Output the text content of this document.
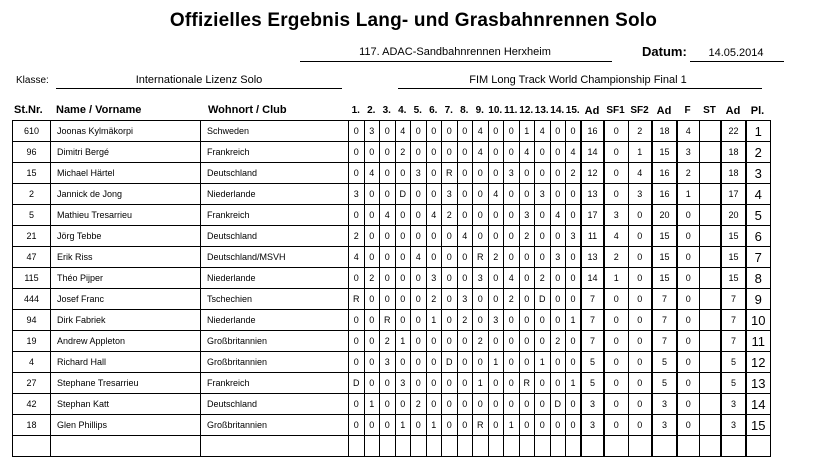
Offizielles Ergebnis Lang- und Grasbahnrennen Solo
117. ADAC-Sandbahnrennen Herxheim	Datum:	14.05.2014
Klasse:	Internationale Lizenz Solo	FIM Long Track World Championship Final 1
St.Nr. Name / Vorname	Wohnort / Club	1. 2. 3. 4. 5. 6. 7. 8. 9. 10. 11. 12. 13. 14. 15. Ad SF1 SF2 Ad	F	ST Ad Pl.
610	Joonas Kylmäkorpi	Schweden	0	3	0	4	0	0	0	0	4	0	0	1	4	0	0	16	0	2	18	4		22	1
96	Dimitri Bergé	Frankreich	0	0	0	2	0	0	0	0	4	0	0	4	0	0	4	14	0	1	15	3		18	2
15	Michael Härtel	Deutschland	0	4	0	0	3	0	R	0	0	0	3	0	0	0	2	12	0	4	16	2		18	3
2	Jannick de Jong	Niederlande	3	0	0	D	0	0	3	0	0	4	0	0	3	0	0	13	0	3	16	1		17	4
5	Mathieu Tresarrieu	Frankreich	0	0	4	0	0	4	2	0	0	0	0	3	0	4	0	17	3	0	20	0		20	5
21	Jörg Tebbe	Deutschland	2	0	0	0	0	0	0	4	0	0	0	2	0	0	3	11	4	0	15	0		15	6
47	Erik Riss	Deutschland/MSVH	4	0	0	0	4	0	0	0	R	2	0	0	0	3	0	13	2	0	15	0		15	7
115	Théo Pijper	Niederlande	0	2	0	0	0	3	0	0	3	0	4	0	2	0	0	14	1	0	15	0		15	8
444	Josef Franc	Tschechien	R	0	0	0	0	2	0	3	0	0	2	0	D	0	0	7	0	0	7	0		7	9
94	Dirk Fabriek	Niederlande	0	0	R	0	0	1	0	2	0	3	0	0	0	0	1	7	0	0	7	0		7	10
19	Andrew Appleton	Großbritannien	0	0	2	1	0	0	0	0	2	0	0	0	0	2	0	7	0	0	7	0		7	11
4	Richard Hall	Großbritannien	0	0	3	0	0	0	D	0	0	1	0	0	1	0	0	5	0	0	5	0		5	12
27	Stephane Tresarrieu	Frankreich	D	0	0	3	0	0	0	0	1	0	0	R	0	0	1	5	0	0	5	0		5	13
42	Stephan Katt	Deutschland	0	1	0	0	2	0	0	0	0	0	0	0	0	D	0	3	0	0	3	0		3	14
18	Glen Phillips	Großbritannien	0	0	0	1	0	1	0	0	R	0	1	0	0	0	0	3	0	0	3	0		3	15
